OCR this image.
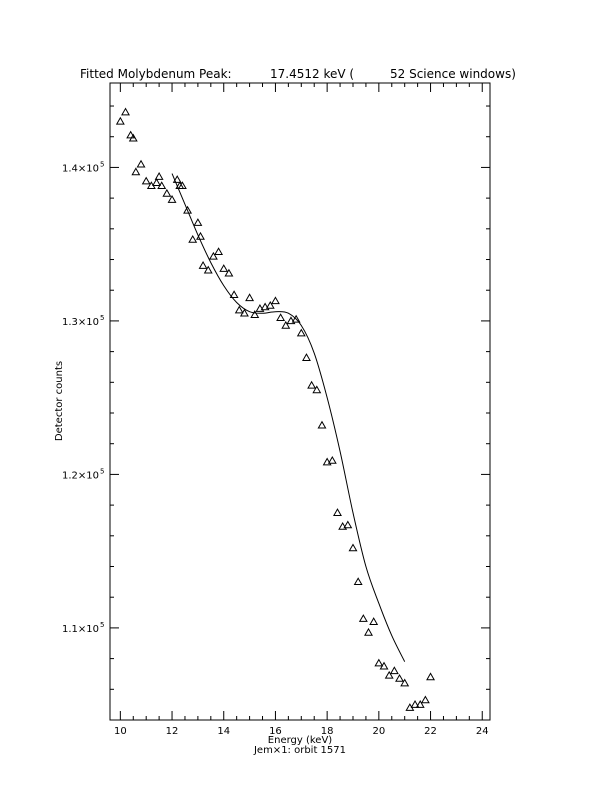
10	12	14	16	18	20	22	24
1.1×10 5
1.2×10 5
1.3×10 5
1.4×10 5
Fitted Molybdenum Peak:	17.4512 keV (	52 Science windows)
Energy (keV)
Jem×1: orbit 1571
Detector counts
